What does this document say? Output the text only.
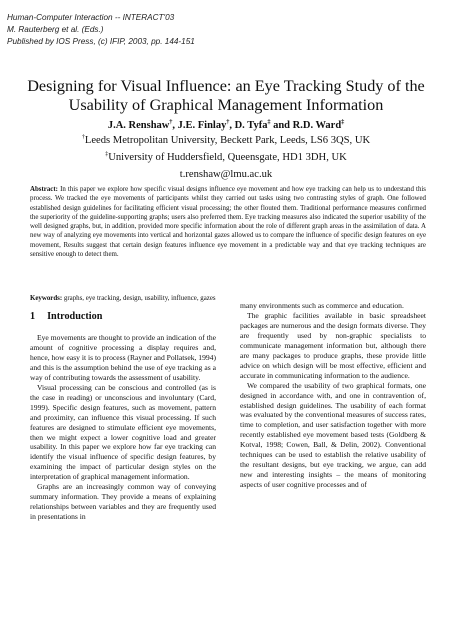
Human-Computer Interaction -- INTERACT'03
M. Rauterberg et al. (Eds.)
Published by IOS Press, (c) IFIP, 2003, pp. 144-151
Designing for Visual Influence: an Eye Tracking Study of the Usability of Graphical Management Information
J.A. Renshaw†, J.E. Finlay†, D. Tyfa‡ and R.D. Ward‡
†Leeds Metropolitan University, Beckett Park, Leeds, LS6 3QS, UK
‡University of Huddersfield, Queensgate, HD1 3DH, UK
t.renshaw@lmu.ac.uk
Abstract: In this paper we explore how specific visual designs influence eye movement and how eye tracking can help us to understand this process. We tracked the eye movements of participants whilst they carried out tasks using two contrasting styles of graph. One followed established design guidelines for facilitating efficient visual processing; the other flouted them. Traditional performance measures confirmed the superiority of the guideline-supporting graphs; users also preferred them. Eye tracking measures also indicated the superior usability of the well designed graphs, but, in addition, provided more specific information about the role of different graph areas in the assimilation of data. A new way of analyzing eye movements into vertical and horizontal gazes allowed us to compare the influence of specific design features on eye movement, Results suggest that certain design features influence eye movement in a predictable way and that eye tracking techniques are sensitive enough to detect them.
Keywords: graphs, eye tracking, design, usability, influence, gazes
1 Introduction

Eye movements are thought to provide an indication of the amount of cognitive processing a display requires and, hence, how easy it is to process (Rayner and Pollatsek, 1994) and this is the assumption behind the use of eye tracking as a way of contributing towards the assessment of usability.

Visual processing can be conscious and controlled (as is the case in reading) or unconscious and involuntary (Card, 1999). Specific design features, such as movement, pattern and proximity, can influence this visual processing. If such features are designed to stimulate efficient eye movements, then we might expect a lower cognitive load and greater usability. In this paper we explore how far eye tracking can identify the visual influence of specific design features, by examining the impact of particular design styles on the interpretation of graphical management information.

Graphs are an increasingly common way of conveying summary information. They provide a means of explaining relationships between variables and they are frequently used in presentations in

many environments such as commerce and education.

The graphic facilities available in basic spreadsheet packages are numerous and the design formats diverse. They are frequently used by non-graphic specialists to communicate management information but, although there are many packages to produce graphs, these provide little advice on which design will be most effective, efficient and accurate in communicating information to the audience.

We compared the usability of two graphical formats, one designed in accordance with, and one in contravention of, established design guidelines. The usability of each format was evaluated by the conventional measures of success rates, time to completion, and user satisfaction together with more recently established eye movement based tests (Goldberg & Kotval, 1998; Cowen, Ball, & Delin, 2002). Conventional techniques can be used to establish the relative usability of the resultant designs, but eye tracking, we argue, can add new and interesting insights – the means of monitoring aspects of user cognitive processes and of
